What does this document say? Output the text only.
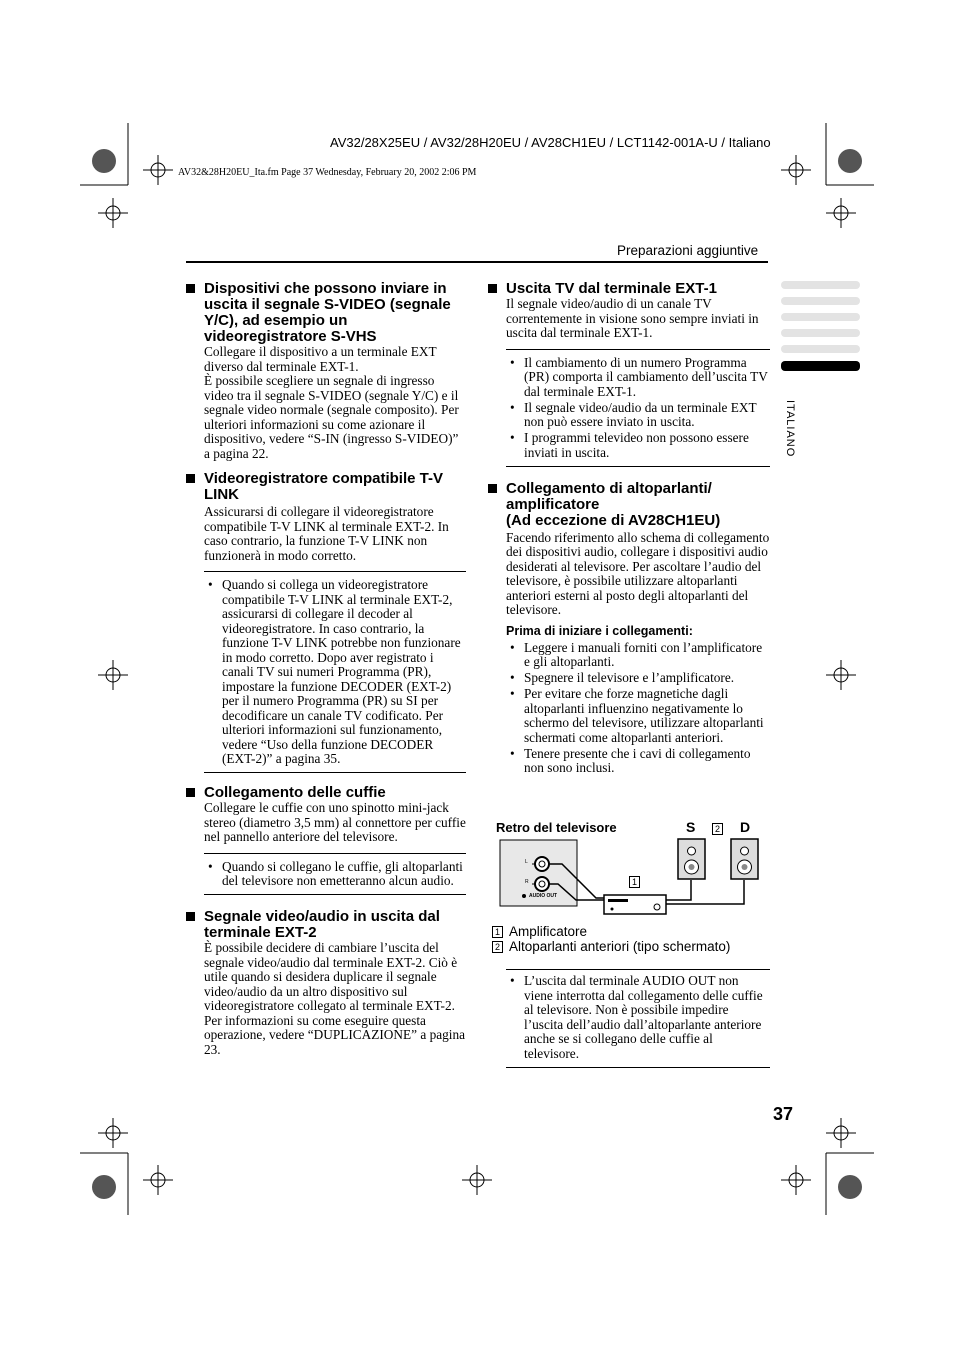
AV32/28X25EU / AV32/28H20EU / AV28CH1EU / LCT1142-001A-U / Italiano
AV32&28H20EU_Ita.fm Page 37 Wednesday, February 20, 2002 2:06 PM
Preparazioni aggiuntive
ITALIANO
Dispositivi che possono inviare in uscita il segnale S-VIDEO (segnale Y/C), ad esempio un videoregistratore S-VHS

Collegare il dispositivo a un terminale EXT diverso dal terminale EXT-1.

È possibile scegliere un segnale di ingresso video tra il segnale S-VIDEO (segnale Y/C) e il segnale video normale (segnale composito). Per ulteriori informazioni su come azionare il dispositivo, vedere “S-IN (ingresso S-VIDEO)” a pagina 22.

Videoregistratore compatibile T-V LINK

Assicurarsi di collegare il videoregistratore compatibile T-V LINK al terminale EXT-2. In caso contrario, la funzione T-V LINK non funzionerà in modo corretto.

• Quando si collega un videoregistratore compatibile T-V LINK al terminale EXT-2, assicurarsi di collegare il decoder al videoregistratore. In caso contrario, la funzione T-V LINK potrebbe non funzionare in modo corretto. Dopo aver registrato i canali TV sui numeri Programma (PR), impostare la funzione DECODER (EXT-2) per il numero Programma (PR) su SI per decodificare un canale TV codificato. Per ulteriori informazioni sul funzionamento, vedere “Uso della funzione DECODER (EXT-2)” a pagina 35.
Collegamento delle cuffie

Collegare le cuffie con uno spinotto mini-jack stereo (diametro 3,5 mm) al connettore per cuffie nel pannello anteriore del televisore.

• Quando si collegano le cuffie, gli altoparlanti del televisore non emetteranno alcun audio.
Segnale video/audio in uscita dal terminale EXT-2

È possibile decidere di cambiare l’uscita del segnale video/audio dal terminale EXT-2. Ciò è utile quando si desidera duplicare il segnale video/audio da un altro dispositivo sul videoregistratore collegato al terminale EXT-2. Per informazioni su come eseguire questa operazione, vedere “DUPLICAZIONE” a pagina 23.

Uscita TV dal terminale EXT-1

Il segnale video/audio di un canale TV correntemente in visione sono sempre inviati in uscita dal terminale EXT-1.

• Il cambiamento di un numero Programma (PR) comporta il cambiamento dell’uscita TV dal terminale EXT-1.
• Il segnale video/audio da un terminale EXT non può essere inviato in uscita.
• I programmi televideo non possono essere inviati in uscita.
Collegamento di altoparlanti/ amplificatore
(Ad eccezione di AV28CH1EU)

Facendo riferimento allo schema di collegamento dei dispositivi audio, collegare i dispositivi audio desiderati al televisore. Per ascoltare l’audio del televisore, è possibile utilizzare altoparlanti anteriori esterni al posto degli altoparlanti del televisore.

Prima di iniziare i collegamenti:

• Leggere i manuali forniti con l’amplificatore e gli altoparlanti.
• Spegnere il televisore e l’amplificatore.
• Per evitare che forze magnetiche dagli altoparlanti influenzino negativamente lo schermo del televisore, utilizzare altoparlanti schermati come altoparlanti anteriori.
• Tenere presente che i cavi di collegamento non sono inclusi.
Retro del televisore	S	D
2
1
L
R
AUDIO OUT
1 Amplificatore
2 Altoparlanti anteriori (tipo schermato)
• L’uscita dal terminale AUDIO OUT non viene interrotta dal collegamento delle cuffie al televisore. Non è possibile impedire l’uscita dell’audio dall’altoparlante anteriore anche se si collegano delle cuffie al televisore.
37
